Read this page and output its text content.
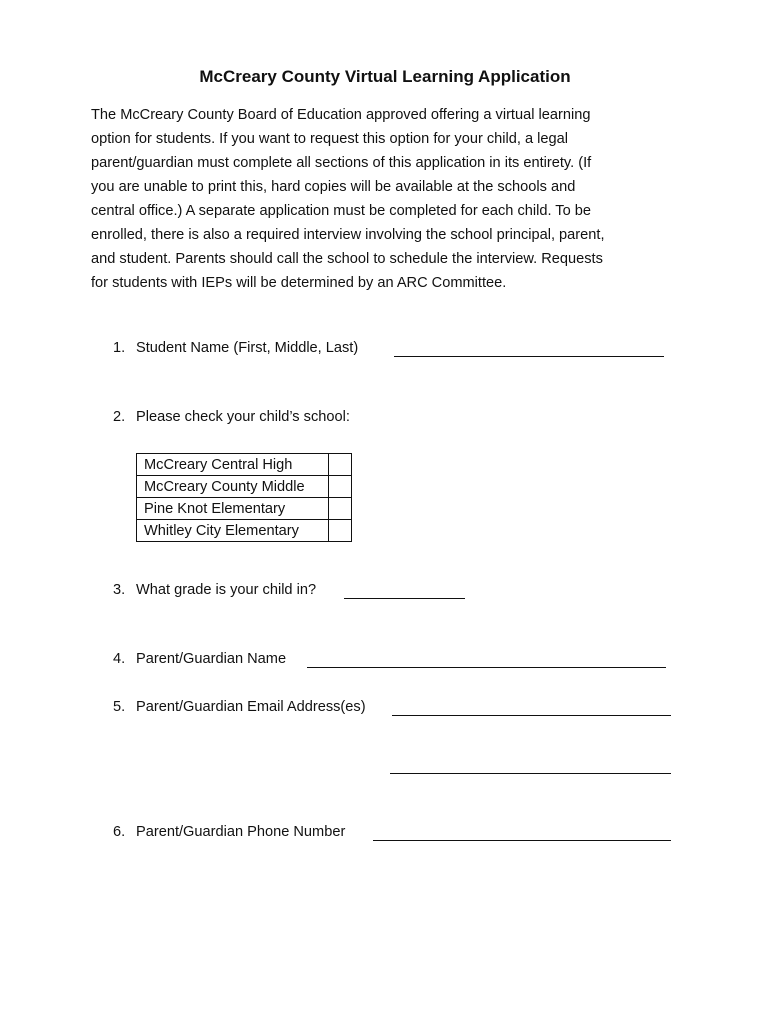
McCreary County Virtual Learning Application
The McCreary County Board of Education approved offering a virtual learning
option for students. If you want to request this option for your child, a legal
parent/guardian must complete all sections of this application in its entirety. (If
you are unable to print this, hard copies will be available at the schools and
central office.) A separate application must be completed for each child. To be
enrolled, there is also a required interview involving the school principal, parent,
and student. Parents should call the school to schedule the interview. Requests
for students with IEPs will be determined by an ARC Committee.
1. Student Name (First, Middle, Last)
2. Please check your child’s school:
McCreary Central High	
McCreary County Middle	
Pine Knot Elementary	
Whitley City Elementary	
3. What grade is your child in?
4. Parent/Guardian Name
5. Parent/Guardian Email Address(es)
6. Parent/Guardian Phone Number
